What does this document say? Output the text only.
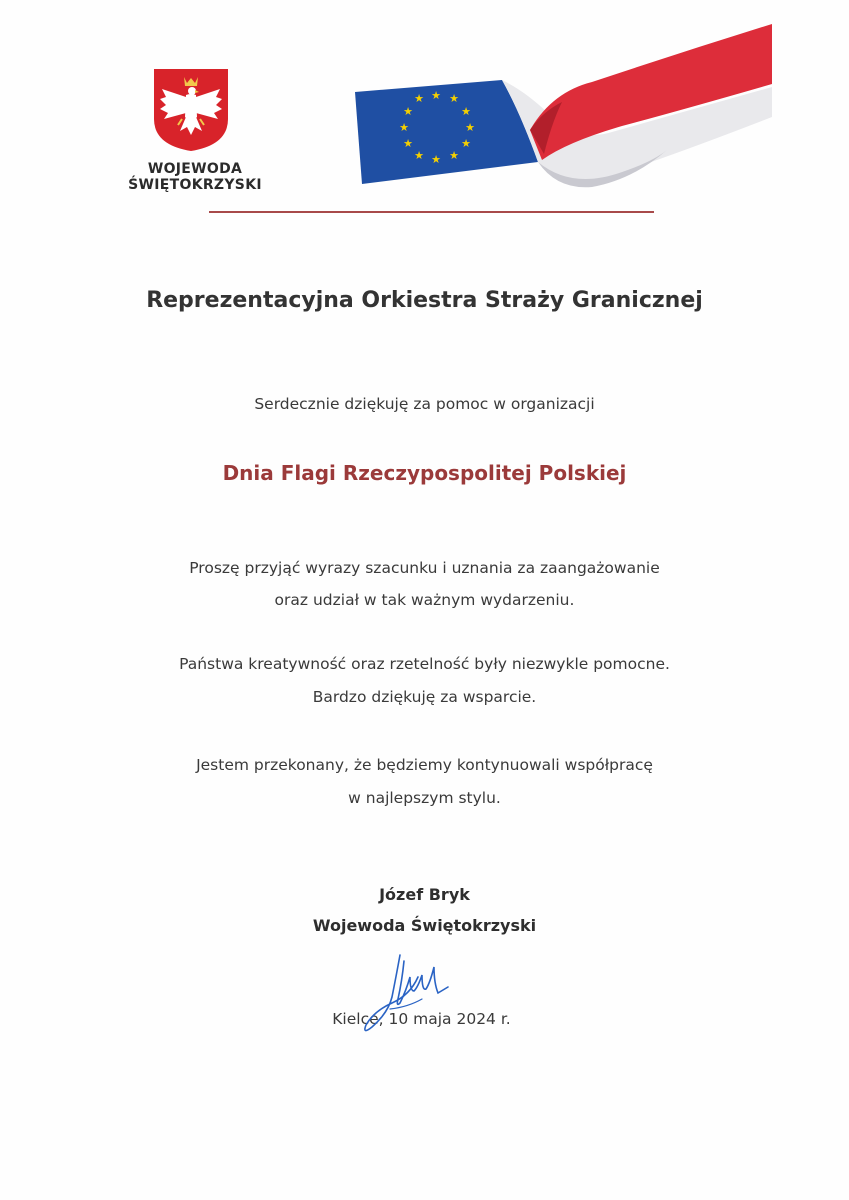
WOJEWODA
ŚWIĘTOKRZYSKI
★ ★
★
★
★
★
★
★
★
★
★
★
Reprezentacyjna Orkiestra Straży Granicznej
Serdecznie dziękuję za pomoc w organizacji
Dnia Flagi Rzeczypospolitej Polskiej
Proszę przyjąć wyrazy szacunku i uznania za zaangażowanie
oraz udział w tak ważnym wydarzeniu.
Państwa kreatywność oraz rzetelność były niezwykle pomocne.
Bardzo dziękuję za wsparcie.
Jestem przekonany, że będziemy kontynuowali współpracę
w najlepszym stylu.
Józef Bryk
Wojewoda Świętokrzyski
Kielce, 10 maja 2024 r.
